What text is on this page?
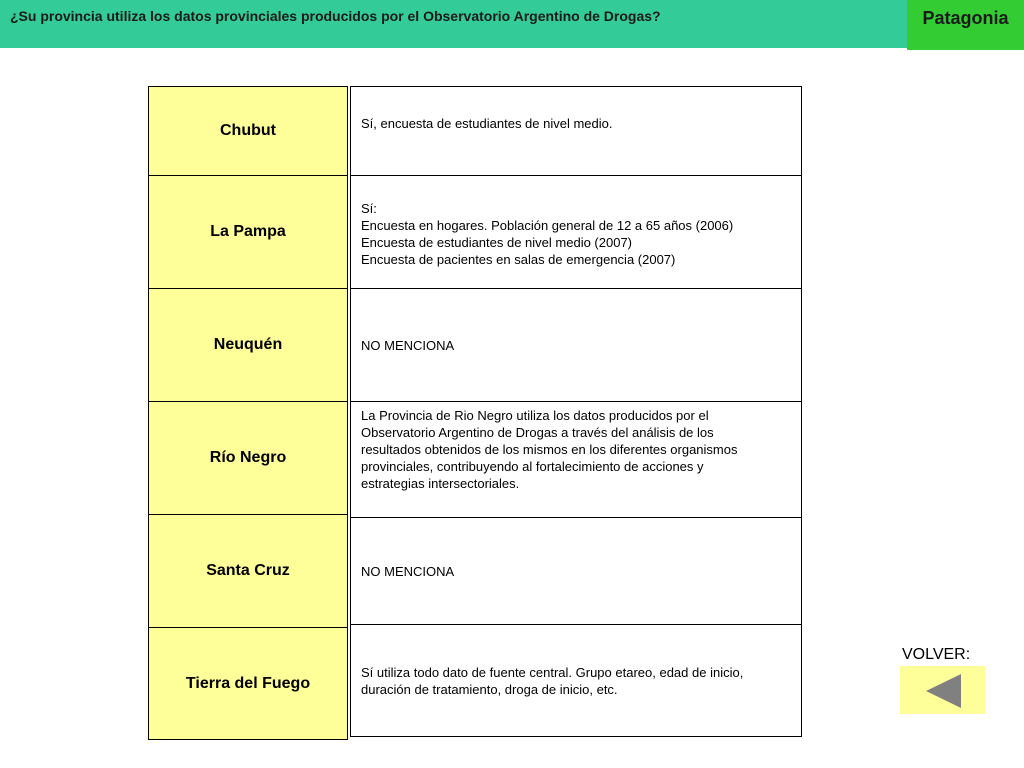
¿Su provincia utiliza los datos provinciales producidos por el Observatorio Argentino de Drogas?	Patagonia
Chubut
La Pampa
Neuquén
Río Negro
Santa Cruz
Tierra del Fuego
Sí, encuesta de estudiantes de nivel medio.
Sí:
Encuesta en hogares. Población general de 12 a 65 años (2006)
Encuesta de estudiantes de nivel medio (2007)
Encuesta de pacientes en salas de emergencia (2007)
NO MENCIONA
La Provincia de Rio Negro utiliza los datos producidos por el
Observatorio Argentino de Drogas a través del análisis de los
resultados obtenidos de los mismos en los diferentes organismos
provinciales, contribuyendo al fortalecimiento de acciones y
estrategias intersectoriales.
NO MENCIONA
Sí utiliza todo dato de fuente central. Grupo etareo, edad de inicio,
duración de tratamiento, droga de inicio, etc.
VOLVER:
